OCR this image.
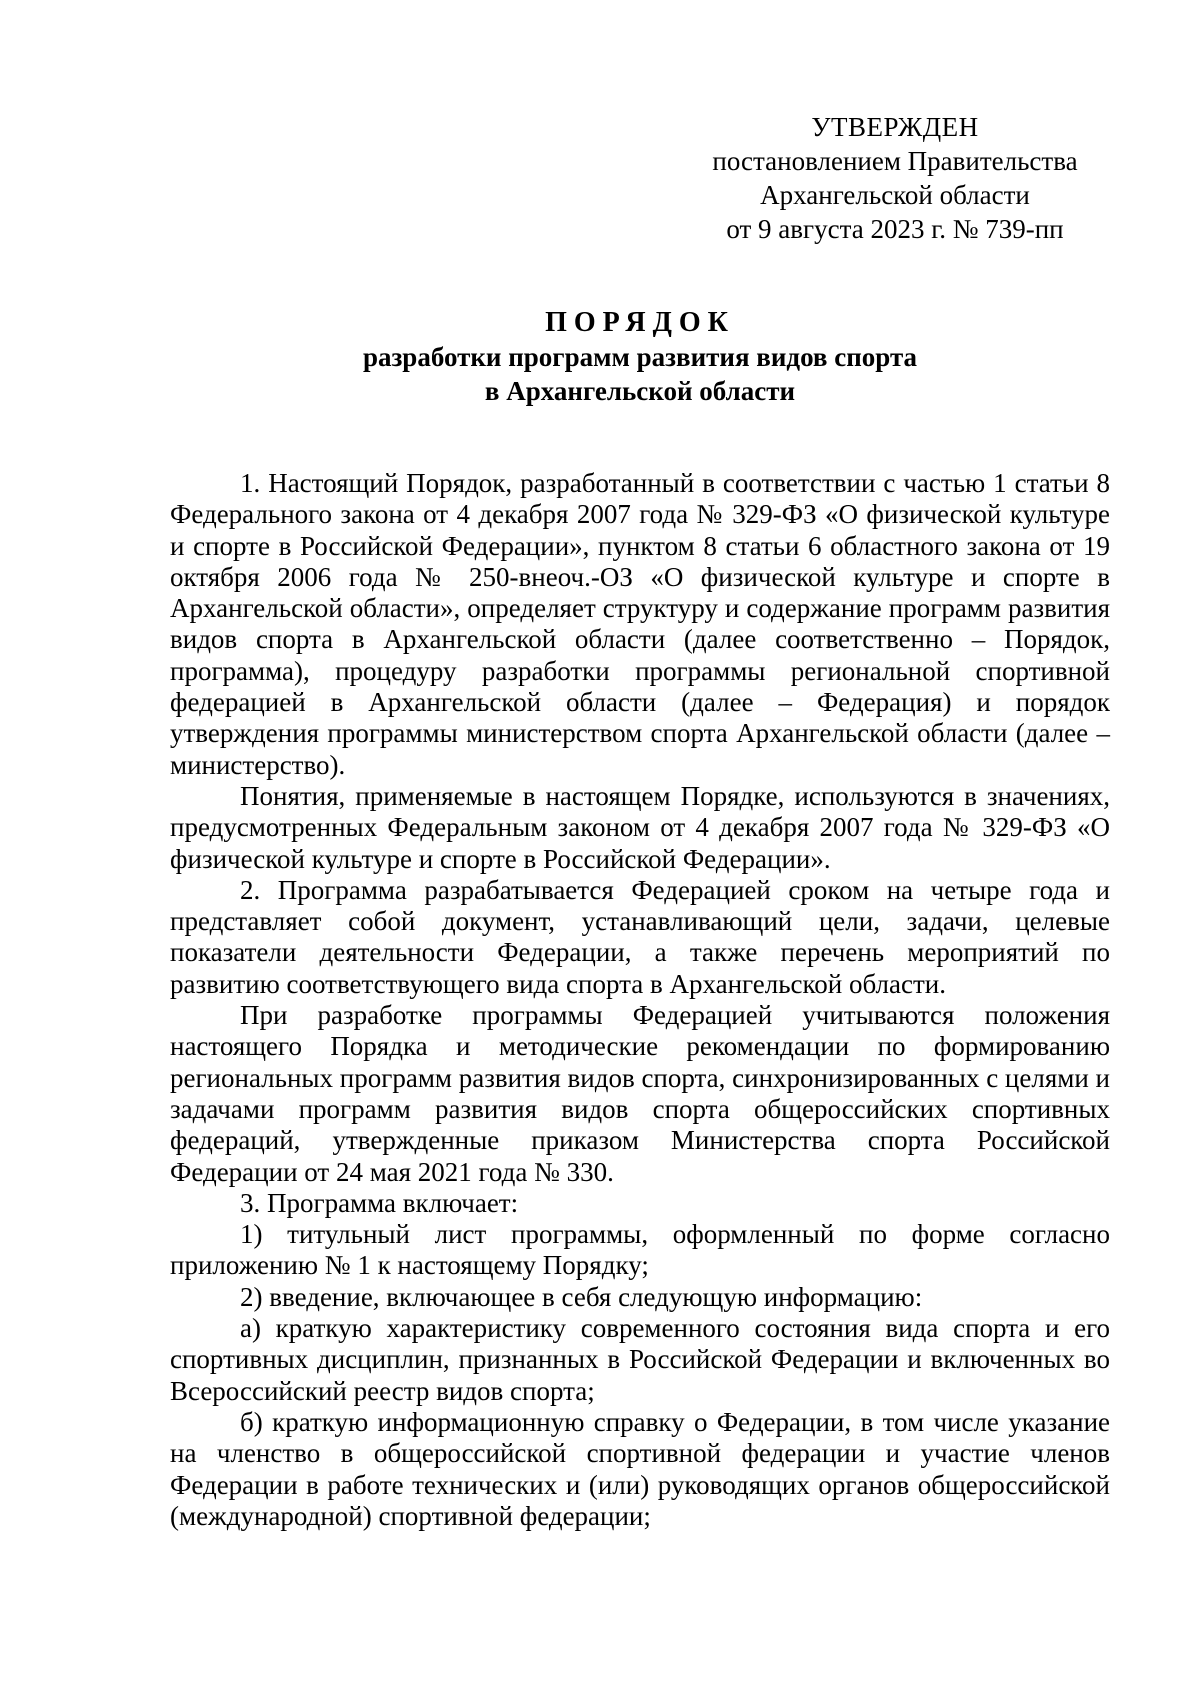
УТВЕРЖДЕН
постановлением Правительства
Архангельской области
от 9 августа 2023 г. № 739-пп
ПОРЯДОК
разработки программ развития видов спорта
в Архангельской области

1. Настоящий Порядок, разработанный в соответствии с частью 1 статьи 8 Федерального закона от 4 декабря 2007 года № 329-ФЗ «О физической культуре и спорте в Российской Федерации», пунктом 8 статьи 6 областного закона от 19 октября 2006 года № 250-внеоч.-ОЗ «О физической культуре и спорте в Архангельской области», определяет структуру и содержание программ развития видов спорта в Архангельской области (далее соответственно – Порядок, программа), процедуру разработки программы региональной спортивной федерацией в Архангельской области (далее – Федерация) и порядок утверждения программы министерством спорта Архангельской области (далее – министерство).

Понятия, применяемые в настоящем Порядке, используются в значениях, предусмотренных Федеральным законом от 4 декабря 2007 года № 329-ФЗ «О физической культуре и спорте в Российской Федерации».

2. Программа разрабатывается Федерацией сроком на четыре года и представляет собой документ, устанавливающий цели, задачи, целевые показатели деятельности Федерации, а также перечень мероприятий по развитию соответствующего вида спорта в Архангельской области.

При разработке программы Федерацией учитываются положения настоящего Порядка и методические рекомендации по формированию региональных программ развития видов спорта, синхронизированных с целями и задачами программ развития видов спорта общероссийских спортивных федераций, утвержденные приказом Министерства спорта Российской Федерации от 24 мая 2021 года № 330.

3. Программа включает:

1) титульный лист программы, оформленный по форме согласно приложению № 1 к настоящему Порядку;

2) введение, включающее в себя следующую информацию:

а) краткую характеристику современного состояния вида спорта и его спортивных дисциплин, признанных в Российской Федерации и включенных во Всероссийский реестр видов спорта;

б) краткую информационную справку о Федерации, в том числе указание на членство в общероссийской спортивной федерации и участие членов Федерации в работе технических и (или) руководящих органов общероссийской (международной) спортивной федерации;
